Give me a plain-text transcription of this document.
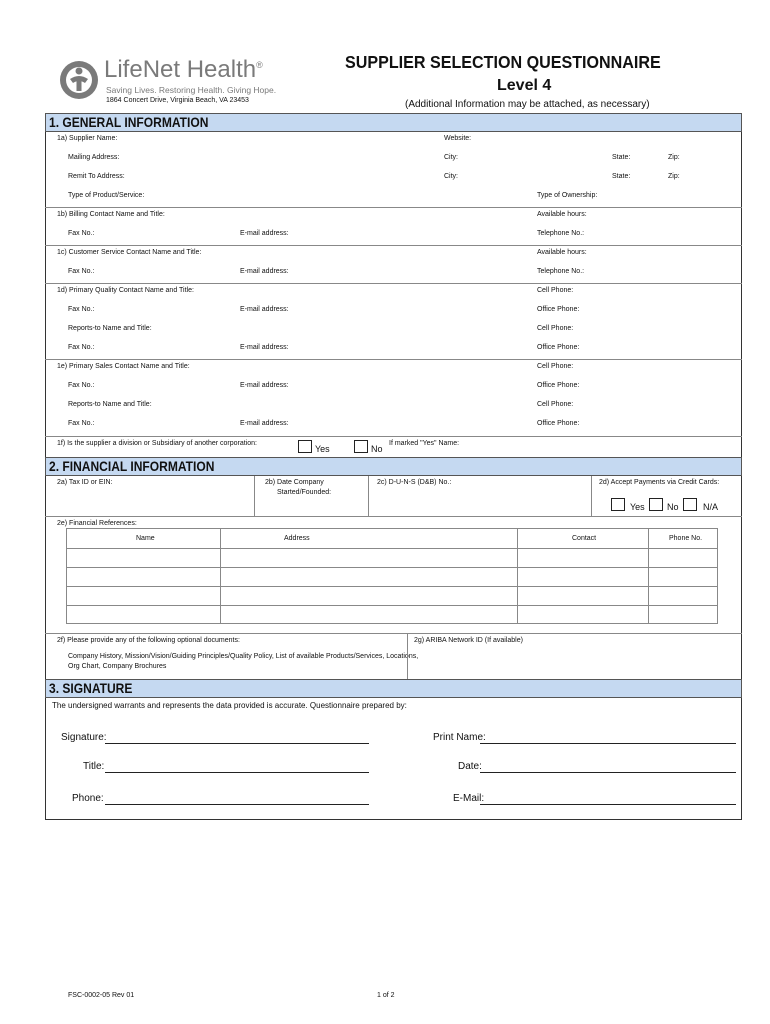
LifeNet Health®
Saving Lives. Restoring Health. Giving Hope.
1864 Concert Drive, Virginia Beach, VA 23453
SUPPLIER SELECTION QUESTIONNAIRE
Level 4
(Additional Information may be attached, as necessary)
1. GENERAL INFORMATION
1a) Supplier Name:	Website:
Mailing Address:	City:	State:	Zip:
Remit To Address:	City:	State:	Zip:
Type of Product/Service:	Type of Ownership:
1b) Billing Contact Name and Title:	Available hours:
Fax No.:	E-mail address:	Telephone No.:
1c) Customer Service Contact Name and Title:	Available hours:
Fax No.:	E-mail address:	Telephone No.:
1d) Primary Quality Contact Name and Title:	Cell Phone:
Fax No.:	E-mail address:	Office Phone:
Reports-to Name and Title:	Cell Phone:
Fax No.:	E-mail address:	Office Phone:
1e) Primary Sales Contact Name and Title:	Cell Phone:
Fax No.:	E-mail address:	Office Phone:
Reports-to Name and Title:	Cell Phone:
Fax No.:	E-mail address:	Office Phone:
1f) Is the supplier a division or Subsidiary of another corporation:
Yes	No
If marked "Yes" Name:
2. FINANCIAL INFORMATION
2a) Tax ID or EIN:	2b) Date Company
Started/Founded:
2c) D-U-N-S (D&B) No.:	2d) Accept Payments via Credit Cards:
Yes No	N/A
2e) Financial References:
Name	Address	Contact	Phone No.
2f) Please provide any of the following optional documents:
Company History, Mission/Vision/Guiding Principles/Quality Policy, List of available Products/Services, Locations,
Org Chart, Company Brochures
2g) ARIBA Network ID (If available)
3. SIGNATURE
The undersigned warrants and represents the data provided is accurate. Questionnaire prepared by:
Signature:	Print Name:
Title:	Date:
Phone:	E-Mail:
FSC-0002-05 Rev 01	1 of 2
